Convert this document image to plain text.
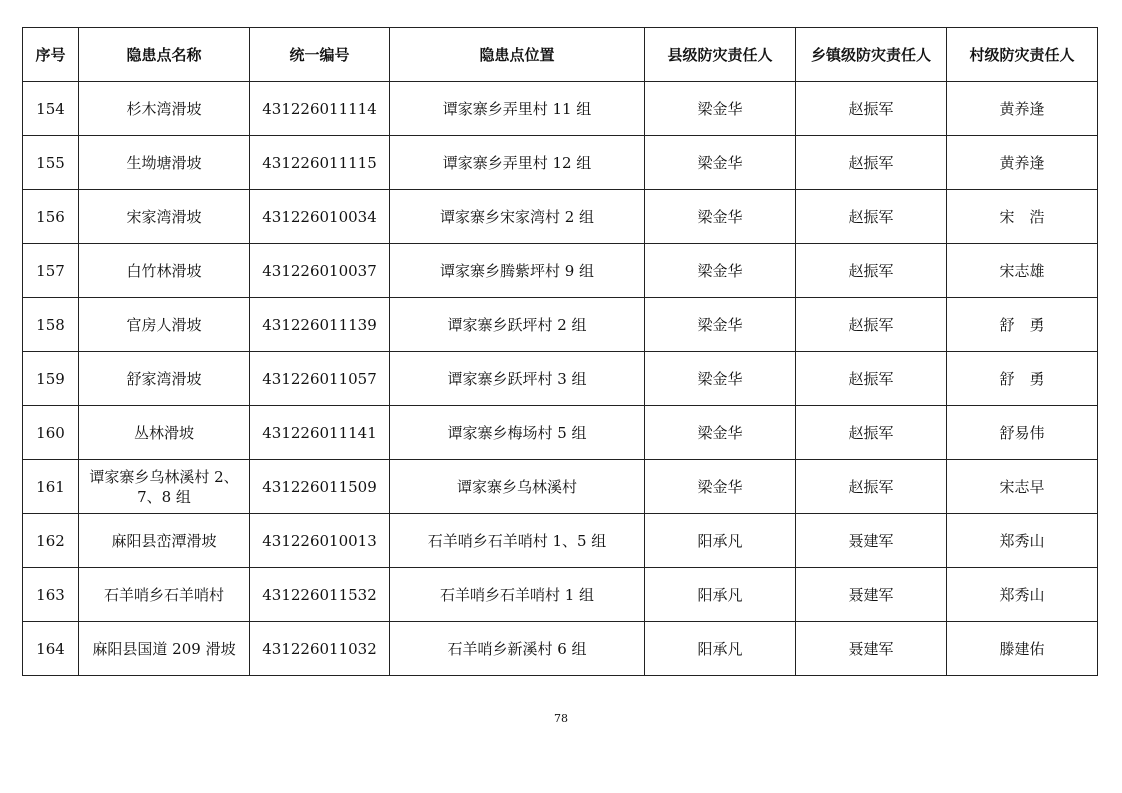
序号	隐患点名称	统一编号	隐患点位置	县级防灾责任人	乡镇级防灾责任人	村级防灾责任人
154	杉木湾滑坡	431226011114	谭家寨乡弄里村 11 组	梁金华	赵振军	黄养逢
155	生坳塘滑坡	431226011115	谭家寨乡弄里村 12 组	梁金华	赵振军	黄养逢
156	宋家湾滑坡	431226010034	谭家寨乡宋家湾村 2 组	梁金华	赵振军	宋　浩
157	白竹林滑坡	431226010037	谭家寨乡腾紫坪村 9 组	梁金华	赵振军	宋志雄
158	官房人滑坡	431226011139	谭家寨乡跃坪村 2 组	梁金华	赵振军	舒　勇
159	舒家湾滑坡	431226011057	谭家寨乡跃坪村 3 组	梁金华	赵振军	舒　勇
160	丛林滑坡	431226011141	谭家寨乡梅场村 5 组	梁金华	赵振军	舒易伟
161	谭家寨乡乌林溪村 2、7、8 组	431226011509	谭家寨乡乌林溪村	梁金华	赵振军	宋志早
162	麻阳县峦潭滑坡	431226010013	石羊哨乡石羊哨村 1、5 组	阳承凡	聂建军	郑秀山
163	石羊哨乡石羊哨村	431226011532	石羊哨乡石羊哨村 1 组	阳承凡	聂建军	郑秀山
164	麻阳县国道 209 滑坡	431226011032	石羊哨乡新溪村 6 组	阳承凡	聂建军	滕建佑
78
